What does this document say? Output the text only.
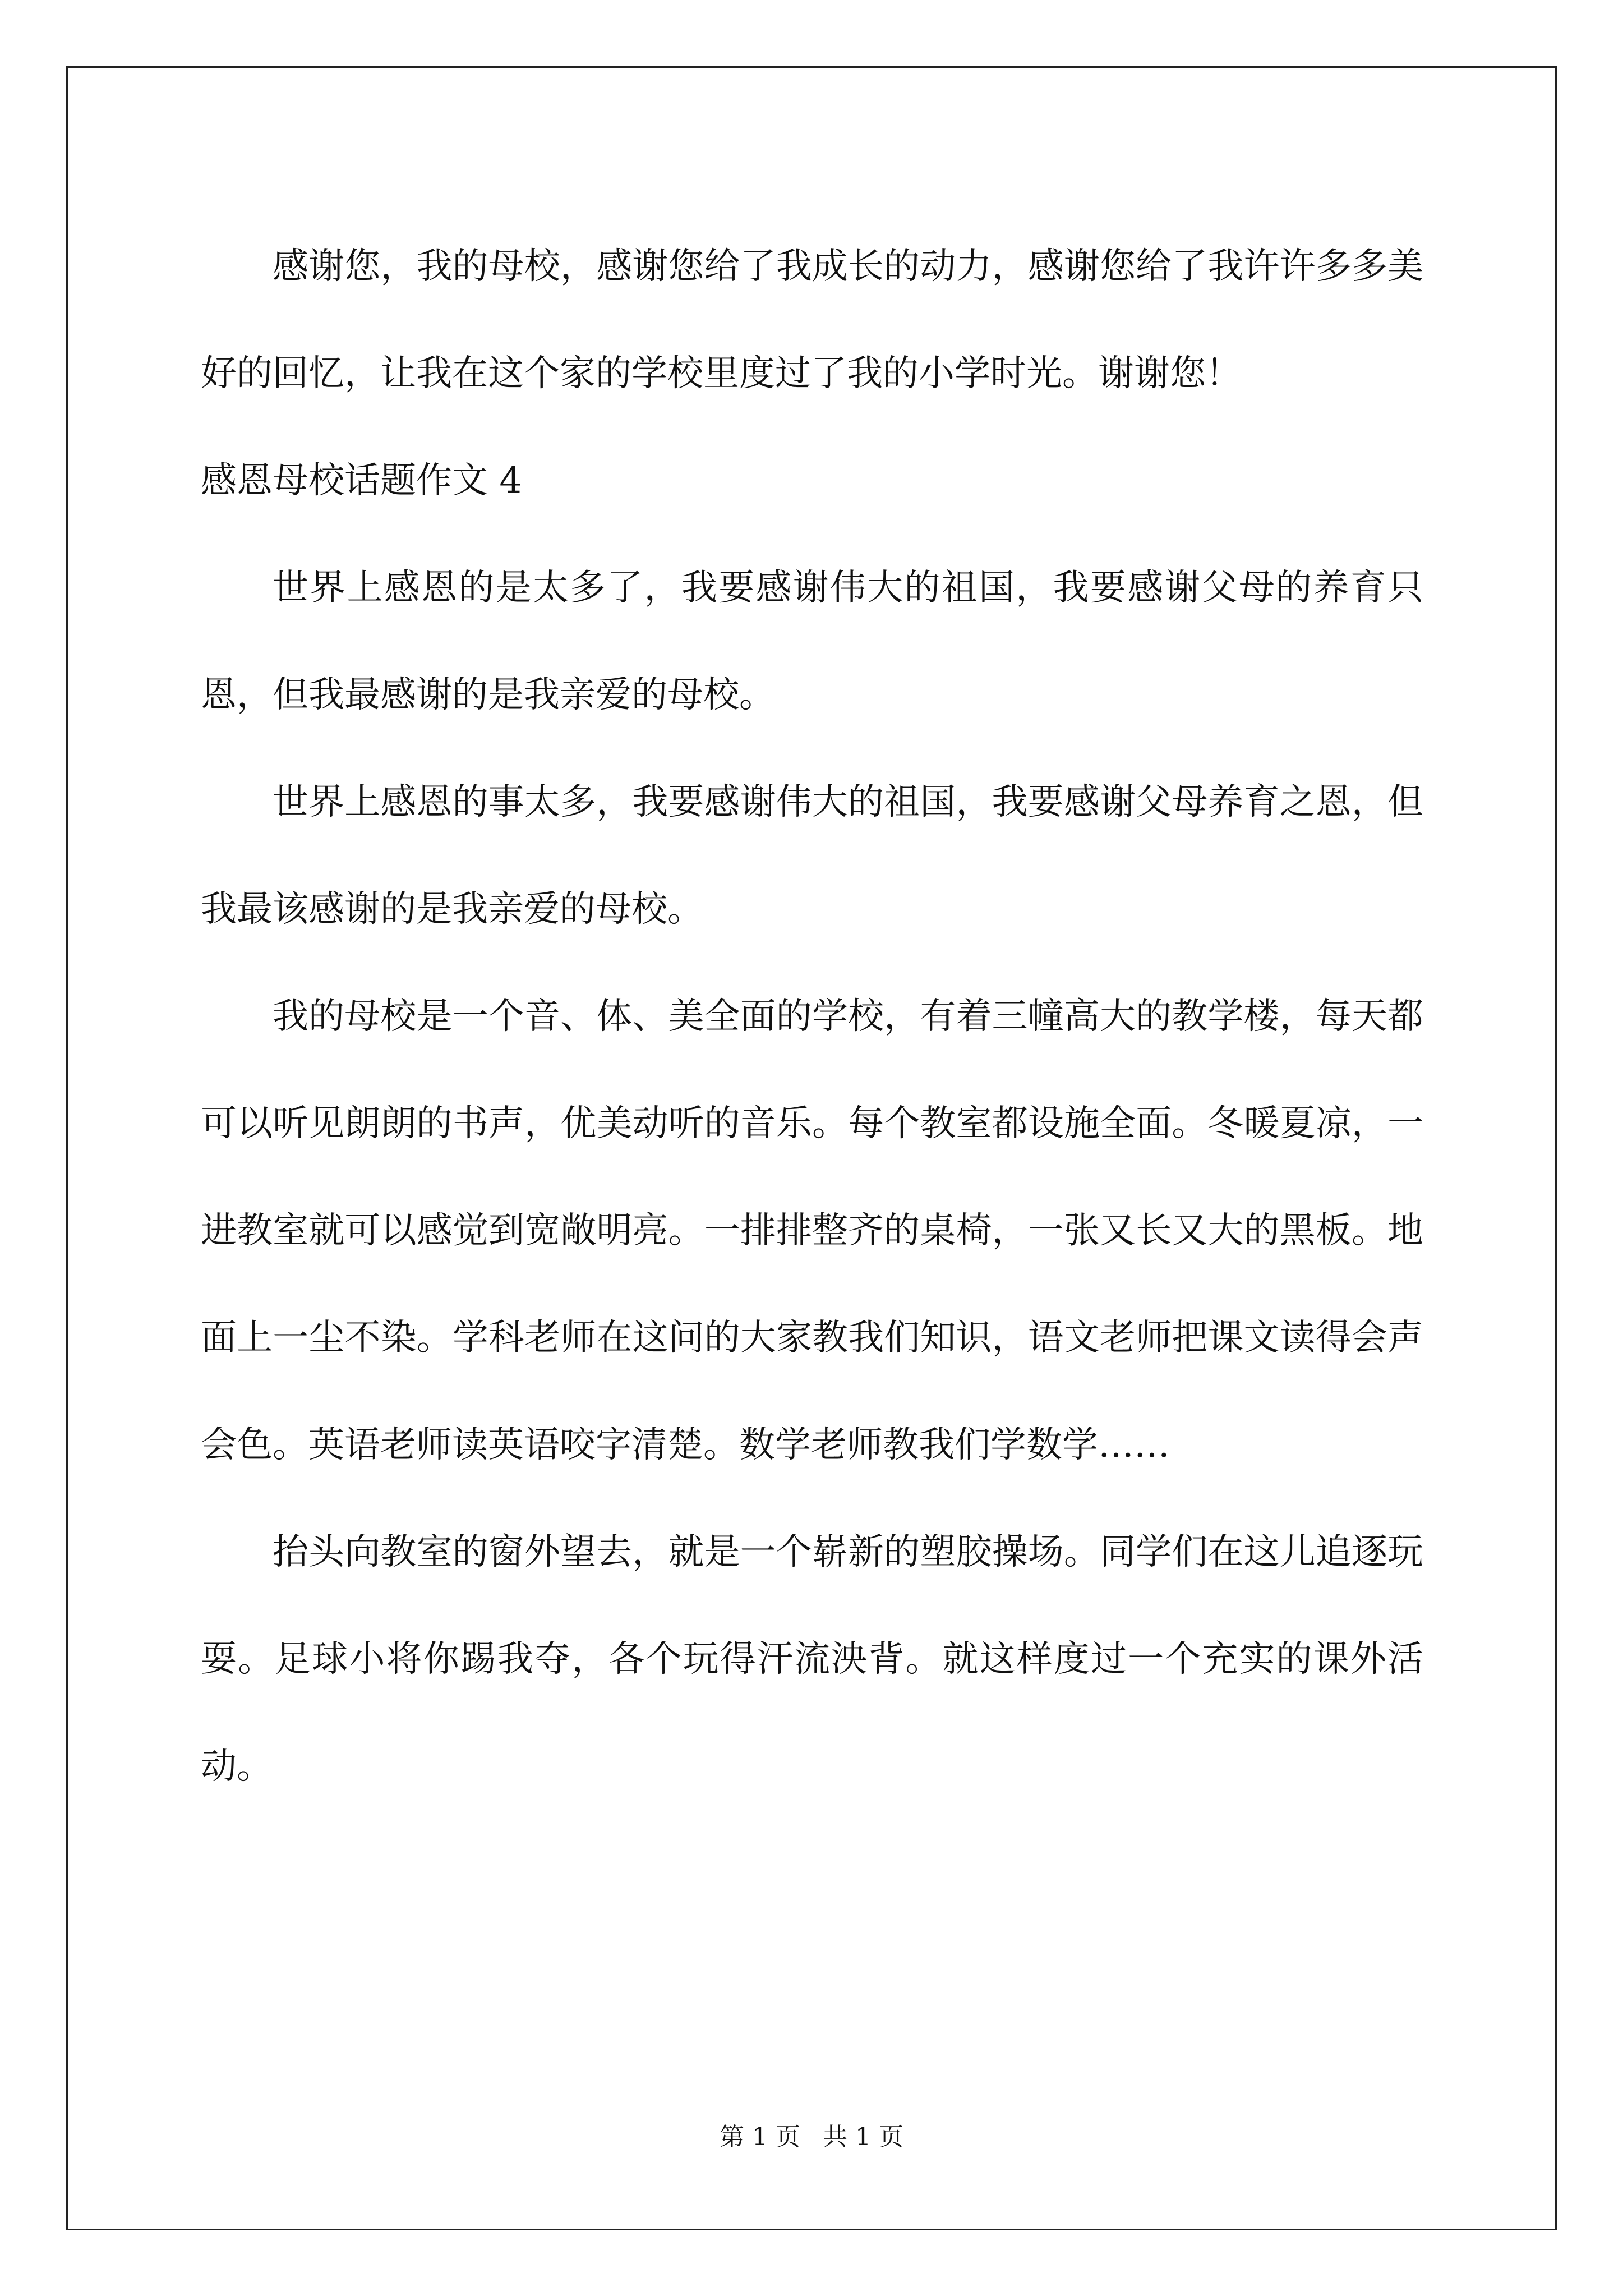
感谢您，我的母校，感谢您给了我成长的动力，感谢您给了我许许多多美好的回忆，让我在这个家的学校里度过了我的小学时光。谢谢您！

感恩母校话题作文 4

世界上感恩的是太多了，我要感谢伟大的祖国，我要感谢父母的养育只恩，但我最感谢的是我亲爱的母校。

世界上感恩的事太多，我要感谢伟大的祖国，我要感谢父母养育之恩，但我最该感谢的是我亲爱的母校。

我的母校是一个音、体、美全面的学校，有着三幢高大的教学楼，每天都可以听见朗朗的书声，优美动听的音乐。每个教室都设施全面。冬暖夏凉，一进教室就可以感觉到宽敞明亮。一排排整齐的桌椅，一张又长又大的黑板。地面上一尘不染。学科老师在这问的大家教我们知识，语文老师把课文读得会声会色。英语老师读英语咬字清楚。数学老师教我们学数学……

抬头向教室的窗外望去，就是一个崭新的塑胶操场。同学们在这儿追逐玩耍。足球小将你踢我夺，各个玩得汗流泱背。就这样度过一个充实的课外活动。

第 1 页 共 1 页
